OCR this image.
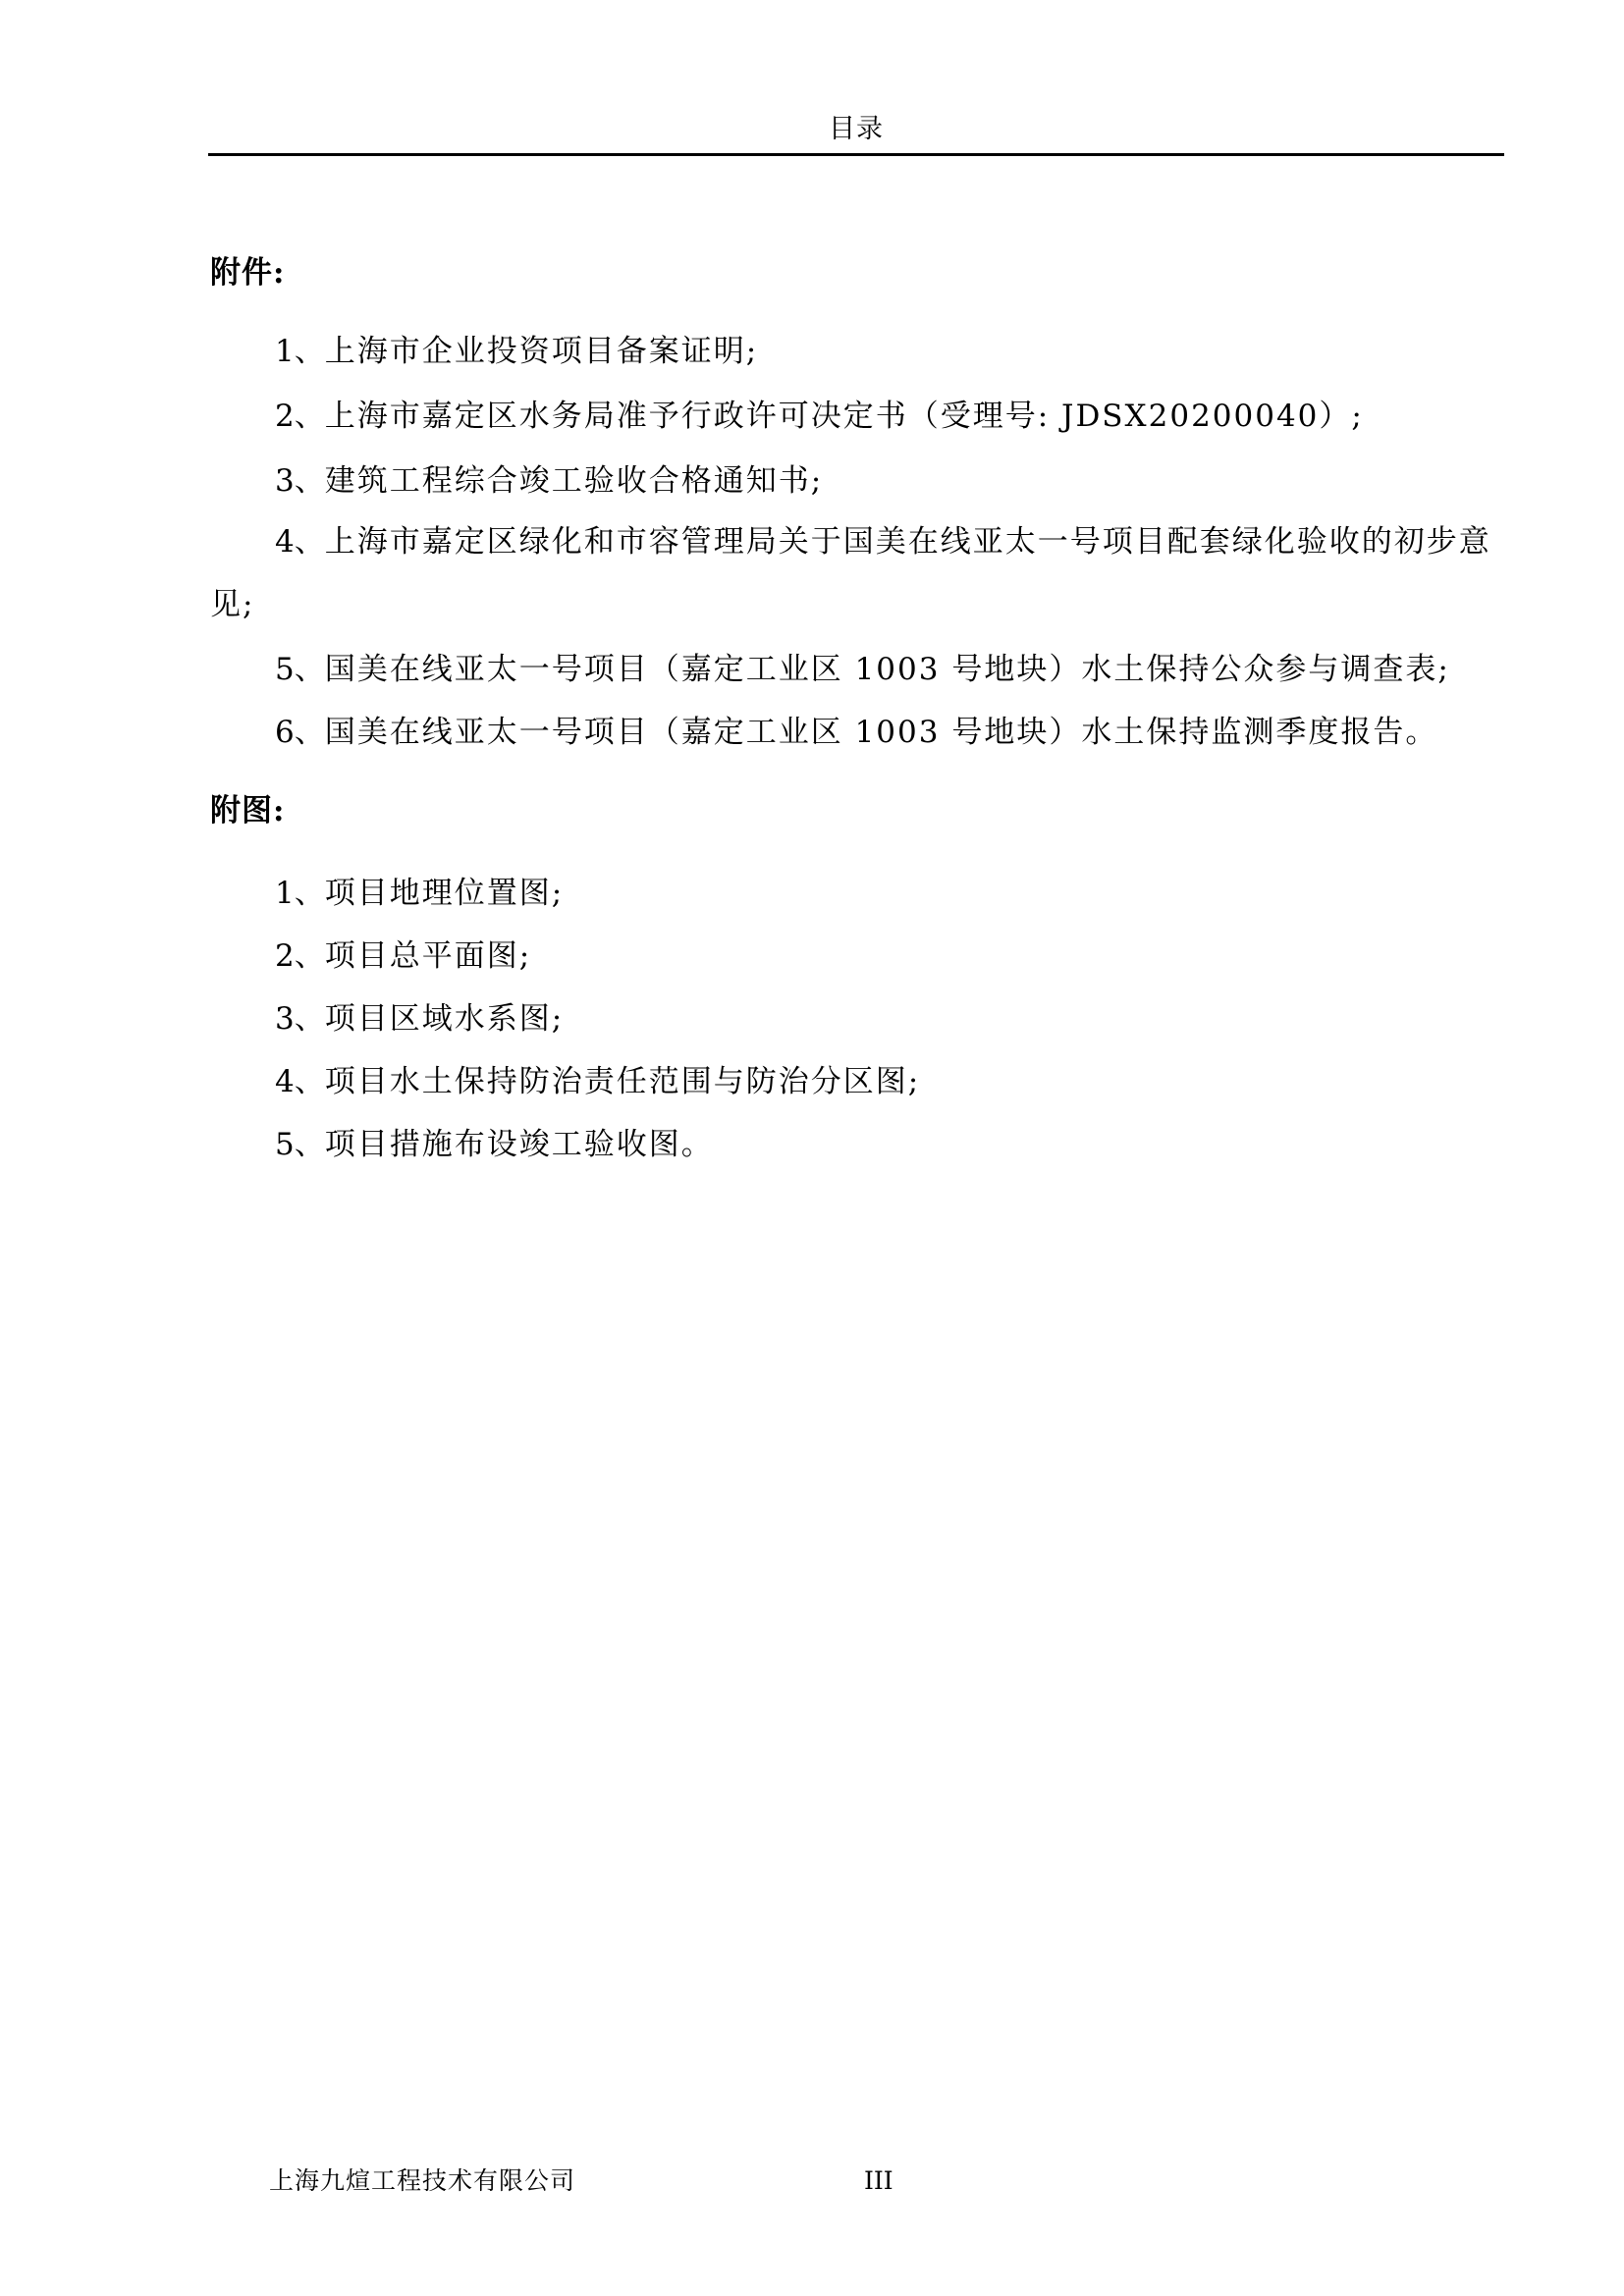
目录
附件:
1、上海市企业投资项目备案证明;
2、上海市嘉定区水务局准予行政许可决定书（受理号: JDSX20200040）;
3、建筑工程综合竣工验收合格通知书;
4、上海市嘉定区绿化和市容管理局关于国美在线亚太一号项目配套绿化验收的初步意
见;
5、国美在线亚太一号项目（嘉定工业区 1003 号地块）水土保持公众参与调查表;
6、国美在线亚太一号项目（嘉定工业区 1003 号地块）水土保持监测季度报告。
附图:
1、项目地理位置图;
2、项目总平面图;
3、项目区域水系图;
4、项目水土保持防治责任范围与防治分区图;
5、项目措施布设竣工验收图。
上海九煊工程技术有限公司	III
